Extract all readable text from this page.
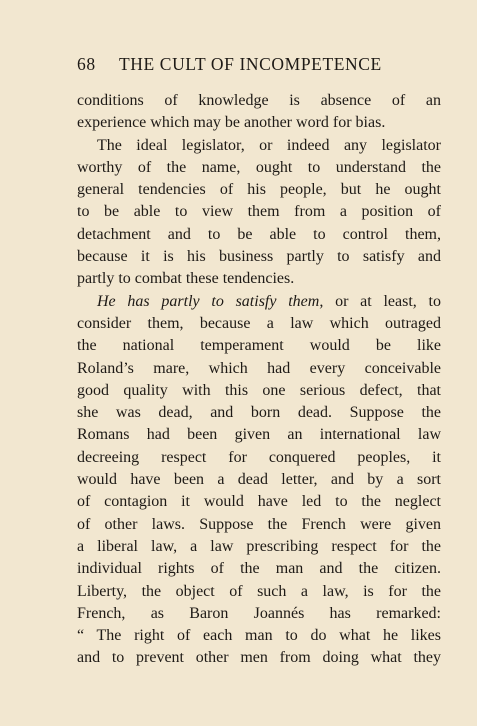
68 THE CULT OF INCOMPETENCE
conditions of knowledge is absence of an
experience which may be another word for bias.
The ideal legislator, or indeed any legislator
worthy of the name, ought to understand the
general tendencies of his people, but he ought
to be able to view them from a position of
detachment and to be able to control them,
because it is his business partly to satisfy and
partly to combat these tendencies.
He has partly to satisfy them, or at least, to
consider them, because a law which outraged
the national temperament would be like
Roland’s mare, which had every conceivable
good quality with this one serious defect, that
she was dead, and born dead. Suppose the
Romans had been given an international law
decreeing respect for conquered peoples, it
would have been a dead letter, and by a sort
of contagion it would have led to the neglect
of other laws. Suppose the French were given
a liberal law, a law prescribing respect for the
individual rights of the man and the citizen.
Liberty, the object of such a law, is for the
French, as Baron Joannés has remarked:
“ The right of each man to do what he likes
and to prevent other men from doing what they
